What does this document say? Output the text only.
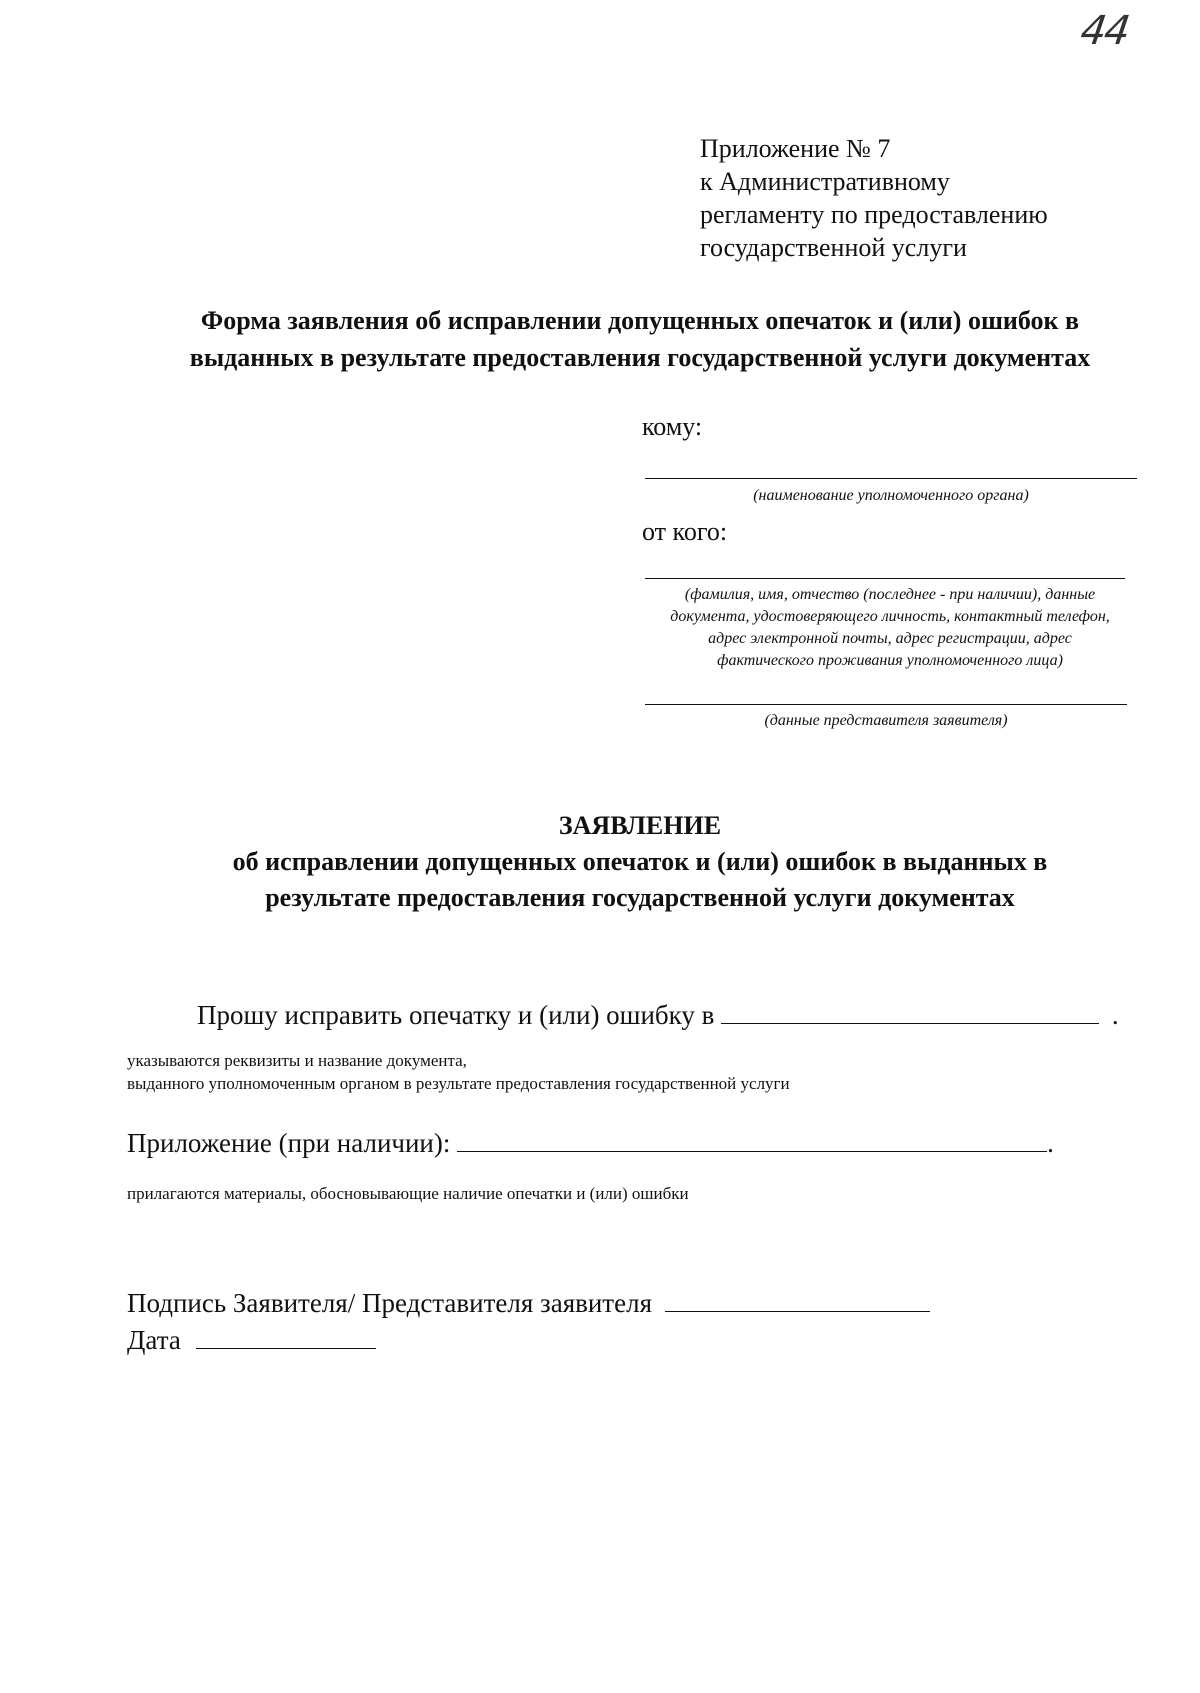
44
Приложение № 7
к Административному
регламенту по предоставлению
государственной услуги
Форма заявления об исправлении допущенных опечаток и (или) ошибок в
выданных в результате предоставления государственной услуги документах
кому:
(наименование уполномоченного органа)
от кого:
(фамилия, имя, отчество (последнее - при наличии), данные
документа, удостоверяющего личность, контактный телефон,
адрес электронной почты, адрес регистрации, адрес
фактического проживания уполномоченного лица)
(данные представителя заявителя)
ЗАЯВЛЕНИЕ
об исправлении допущенных опечаток и (или) ошибок в выданных в
результате предоставления государственной услуги документах
Прошу исправить опечатку и (или) ошибку в	.
указываются реквизиты и название документа,
выданного уполномоченным органом в результате предоставления государственной услуги
Приложение (при наличии):	.
прилагаются материалы, обосновывающие наличие опечатки и (или) ошибки
Подпись Заявителя/ Представителя заявителя
Дата
